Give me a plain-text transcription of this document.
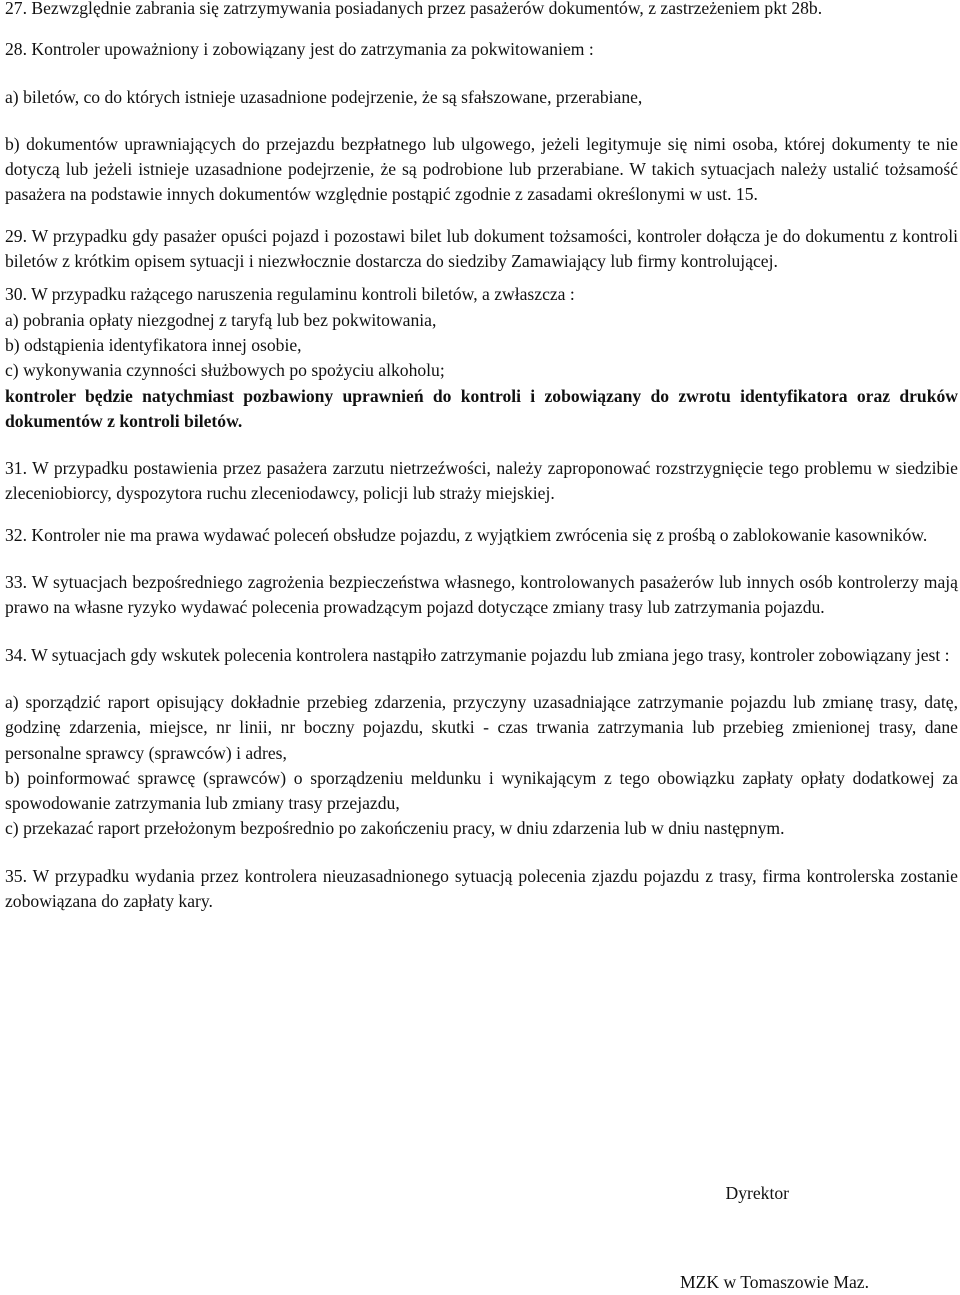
27. Bezwzględnie zabrania się zatrzymywania posiadanych przez pasażerów dokumentów, z zastrzeżeniem pkt 28b.

28. Kontroler upoważniony i zobowiązany jest do zatrzymania za pokwitowaniem :

a) biletów, co do których istnieje uzasadnione podejrzenie, że są sfałszowane, przerabiane,

b) dokumentów uprawniających do przejazdu bezpłatnego lub ulgowego, jeżeli legitymuje się nimi osoba, której dokumenty te nie dotyczą lub jeżeli istnieje uzasadnione podejrzenie, że są podrobione lub przerabiane. W takich sytuacjach należy ustalić tożsamość pasażera na podstawie innych dokumentów względnie postąpić zgodnie z zasadami określonymi w ust. 15.

29. W przypadku gdy pasażer opuści pojazd i pozostawi bilet lub dokument tożsamości, kontroler dołącza je do dokumentu z kontroli biletów z krótkim opisem sytuacji i niezwłocznie dostarcza do siedziby Zamawiający lub firmy kontrolującej.

30. W przypadku rażącego naruszenia regulaminu kontroli biletów, a zwłaszcza :

a) pobrania opłaty niezgodnej z taryfą lub bez pokwitowania,

b) odstąpienia identyfikatora innej osobie,

c) wykonywania czynności służbowych po spożyciu alkoholu;

kontroler będzie natychmiast pozbawiony uprawnień do kontroli i zobowiązany do zwrotu identyfikatora oraz druków dokumentów z kontroli biletów.

31. W przypadku postawienia przez pasażera zarzutu nietrzeźwości, należy zaproponować rozstrzygnięcie tego problemu w siedzibie zleceniobiorcy, dyspozytora ruchu zleceniodawcy, policji lub straży miejskiej.

32. Kontroler nie ma prawa wydawać poleceń obsłudze pojazdu, z wyjątkiem zwrócenia się z prośbą o zablokowanie kasowników.

33. W sytuacjach bezpośredniego zagrożenia bezpieczeństwa własnego, kontrolowanych pasażerów lub innych osób kontrolerzy mają prawo na własne ryzyko wydawać polecenia prowadzącym pojazd dotyczące zmiany trasy lub zatrzymania pojazdu.

34. W sytuacjach gdy wskutek polecenia kontrolera nastąpiło zatrzymanie pojazdu lub zmiana jego trasy, kontroler zobowiązany jest :

a) sporządzić raport opisujący dokładnie przebieg zdarzenia, przyczyny uzasadniające zatrzymanie pojazdu lub zmianę trasy, datę, godzinę zdarzenia, miejsce, nr linii, nr boczny pojazdu, skutki - czas trwania zatrzymania lub przebieg zmienionej trasy, dane personalne sprawcy (sprawców) i adres,

b) poinformować sprawcę (sprawców) o sporządzeniu meldunku i wynikającym z tego obowiązku zapłaty opłaty dodatkowej za spowodowanie zatrzymania lub zmiany trasy przejazdu,

c) przekazać raport przełożonym bezpośrednio po zakończeniu pracy, w dniu zdarzenia lub w dniu następnym.

35. W przypadku wydania przez kontrolera nieuzasadnionego sytuacją polecenia zjazdu pojazdu z trasy, firma kontrolerska zostanie zobowiązana do zapłaty kary.

Dyrektor

MZK w Tomaszowie Maz.
